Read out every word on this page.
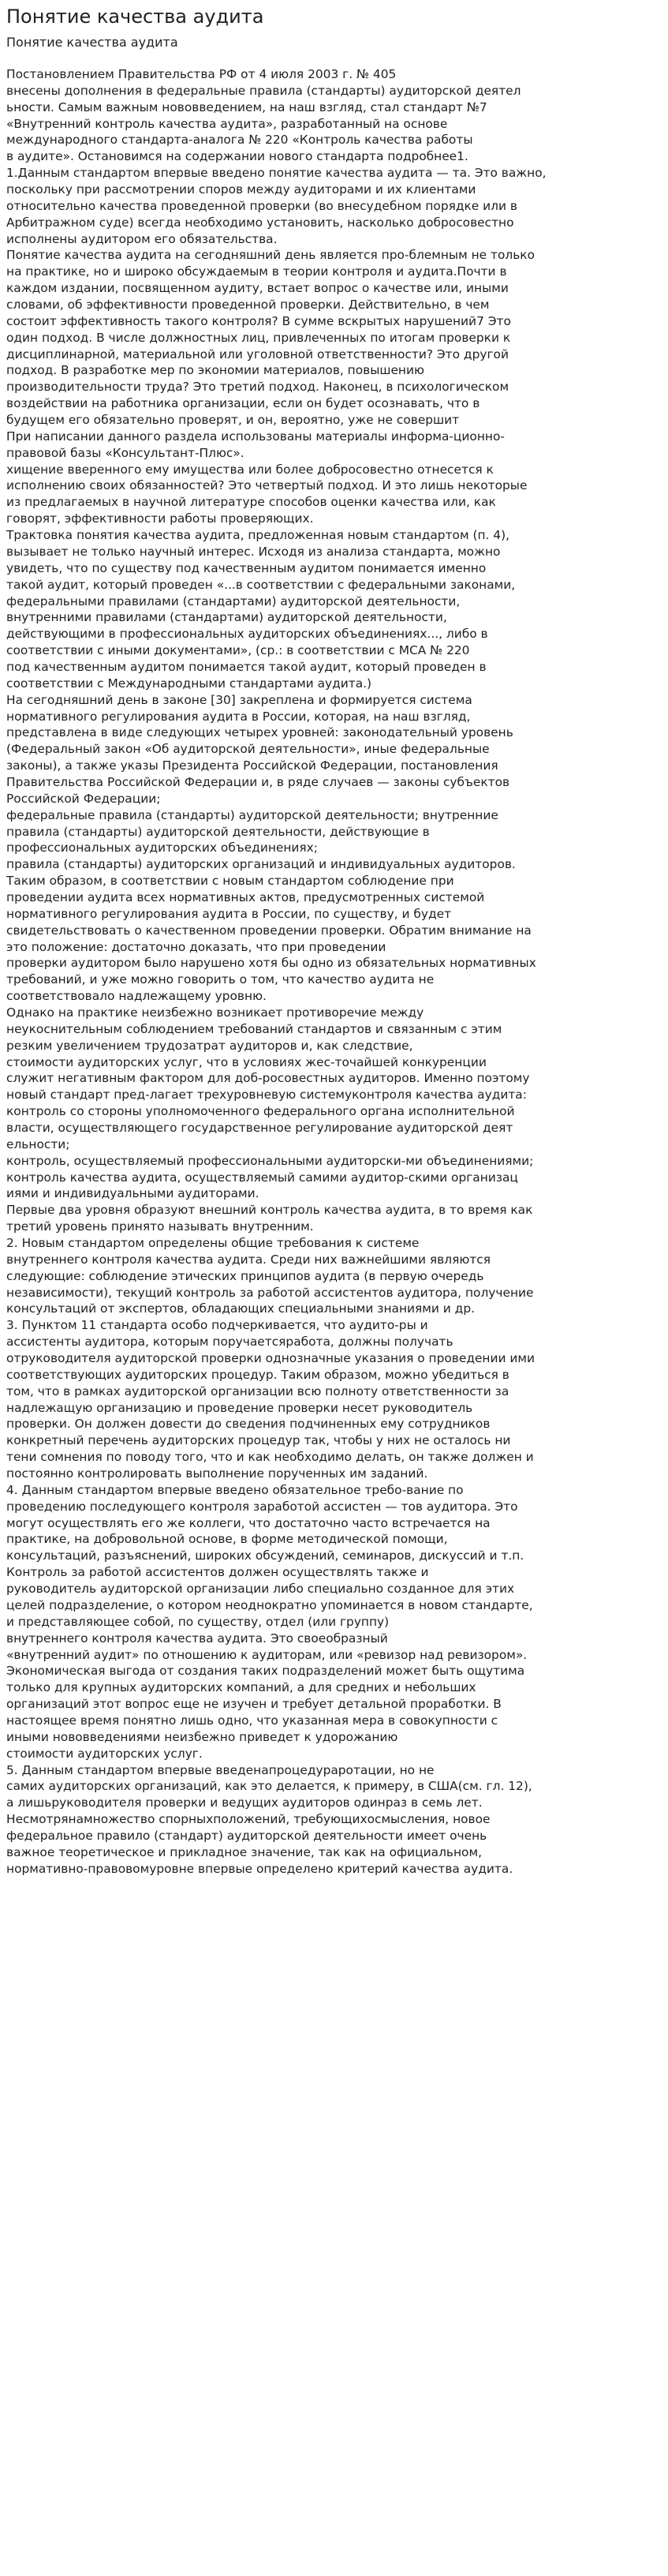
Понятие качества аудита
Понятие качества аудита
Постановлением Правительства РФ от 4 июля 2003 г. № 405
внесены дополнения в федеральные правила (стандарты) аудиторской деятел
ьности. Самым важным нововведением, на наш взгляд, стал стандарт №7
«Внутренний контроль качества аудита», разработанный на основе
международного стандарта-аналога № 220 «Контроль качества работы
в аудите». Остановимся на содержании нового стандарта подробнее1.
1.Данным стандартом впервые введено понятие качества аудита — та. Это важно,
поскольку при рассмотрении споров между аудиторами и их клиентами
относительно качества проведенной проверки (во внесудебном порядке или в
Арбитражном суде) всегда необходимо установить, насколько добросовестно
исполнены аудитором его обязательства.
Понятие качества аудита на сегодняшний день является про-блемным не только
на практике, но и широко обсуждаемым в теории контроля и аудита.Почти в
каждом издании, посвященном аудиту, встает вопрос о качестве или, иными
словами, об эффективности проведенной проверки. Действительно, в чем
состоит эффективность такого контроля? В сумме вскрытых нарушений7 Это
один подход. В числе должностных лиц, привлеченных по итогам проверки к
дисциплинарной, материальной или уголовной ответственности? Это другой
подход. В разработке мер по экономии материалов, повышению
производительности труда? Это третий подход. Наконец, в психологическом
воздействии на работника организации, если он будет осознавать, что в
будущем его обязательно проверят, и он, вероятно, уже не совершит
При написании данного раздела использованы материалы информа-ционно-
правовой базы «Консультант-Плюс».
хищение вверенного ему имущества или более добросовестно отнесется к
исполнению своих обязанностей? Это четвертый подход. И это лишь некоторые
из предлагаемых в научной литературе способов оценки качества или, как
говорят, эффективности работы проверяющих.
Трактовка понятия качества аудита, предложенная новым стандартом (п. 4),
вызывает не только научный интерес. Исходя из анализа стандарта, можно
увидеть, что по существу под качественным аудитом понимается именно
такой аудит, который проведен «...в соответствии с федеральными законами,
федеральными правилами (стандартами) аудиторской деятельности,
внутренними правилами (стандартами) аудиторской деятельности,
действующими в профессиональных аудиторских объединениях..., либо в
соответствии с иными документами», (ср.: в соответствии с МСА № 220
под качественным аудитом понимается такой аудит, который проведен в
соответствии с Международными стандартами аудита.)
На сегодняшний день в законе [30] закреплена и формируется система
нормативного регулирования аудита в России, которая, на наш взгляд,
представлена в виде следующих четырех уровней: законодательный уровень
(Федеральный закон «Об аудиторской деятельности», иные федеральные
законы), а также указы Президента Российской Федерации, постановления
Правительства Российской Федерации и, в ряде случаев — законы субъектов
Российской Федерации;
федеральные правила (стандарты) аудиторской деятельности; внутренние
правила (стандарты) аудиторской деятельности, действующие в
профессиональных аудиторских объединениях;
правила (стандарты) аудиторских организаций и индивидуальных аудиторов.
Таким образом, в соответствии с новым стандартом соблюдение при
проведении аудита всех нормативных актов, предусмотренных системой
нормативного регулирования аудита в России, по существу, и будет
свидетельствовать о качественном проведении проверки. Обратим внимание на
это положение: достаточно доказать, что при проведении
проверки аудитором было нарушено хотя бы одно из обязательных нормативных
требований, и уже можно говорить о том, что качество аудита не
соответствовало надлежащему уровню.
Однако на практике неизбежно возникает противоречие между
неукоснительным соблюдением требований стандартов и связанным с этим
резким увеличением трудозатрат аудиторов и, как следствие,
стоимости аудиторских услуг, что в условиях жес-точайшей конкуренции
служит негативным фактором для доб-росовестных аудиторов. Именно поэтому
новый стандарт пред-лагает трехуровневую системуконтроля качества аудита:
контроль со стороны уполномоченного федерального органа исполнительной
власти, осуществляющего государственное регулирование аудиторской деят
ельности;
контроль, осуществляемый профессиональными аудиторски-ми объединениями;
контроль качества аудита, осуществляемый самими аудитор-скими организац
иями и индивидуальными аудиторами.
Первые два уровня образуют внешний контроль качества аудита, в то время как
третий уровень принято называть внутренним.
2. Новым стандартом определены общие требования к системе
внутреннего контроля качества аудита. Среди них важнейшими являются
следующие: соблюдение этических принципов аудита (в первую очередь
независимости), текущий контроль за работой ассистентов аудитора, получение
консультаций от экспертов, обладающих специальными знаниями и др.
3. Пунктом 11 стандарта особо подчеркивается, что аудито-ры и
ассистенты аудитора, которым поручаетсяработа, должны получать
отруководителя аудиторской проверки однозначные указания о проведении ими
соответствующих аудиторских процедур. Таким образом, можно убедиться в
том, что в рамках аудиторской организации всю полноту ответственности за
надлежащую организацию и проведение проверки несет руководитель
проверки. Он должен довести до сведения подчиненных ему сотрудников
конкретный перечень аудиторских процедур так, чтобы у них не осталось ни
тени сомнения по поводу того, что и как необходимо делать, он также должен и
постоянно контролировать выполнение порученных им заданий.
4. Данным стандартом впервые введено обязательное требо-вание по
проведению последующего контроля заработой ассистен — тов аудитора. Это
могут осуществлять его же коллеги, что достаточно часто встречается на
практике, на добровольной основе, в форме методической помощи,
консультаций, разъяснений, широких обсуждений, семинаров, дискуссий и т.п.
Контроль за работой ассистентов должен осуществлять также и
руководитель аудиторской организации либо специально созданное для этих
целей подразделение, о котором неоднократно упоминается в новом стандарте,
и представляющее собой, по существу, отдел (или группу)
внутреннего контроля качества аудита. Это своеобразный
«внутренний аудит» по отношению к аудиторам, или «ревизор над ревизором».
Экономическая выгода от создания таких подразделений может быть ощутима
только для крупных аудиторских компаний, а для средних и небольших
организаций этот вопрос еще не изучен и требует детальной проработки. В
настоящее время понятно лишь одно, что указанная мера в совокупности с
иными нововведениями неизбежно приведет к удорожанию
стоимости аудиторских услуг.
5. Данным стандартом впервые введенапроцедураротации, но не
самих аудиторских организаций, как это делается, к примеру, в США(см. гл. 12),
а лишьруководителя проверки и ведущих аудиторов одинраз в семь лет.
Несмотрянамножество спорныхположений, требующихосмысления, новое
федеральное правило (стандарт) аудиторской деятельности имеет очень
важное теоретическое и прикладное значение, так как на официальном,
нормативно-правовомуровне впервые определено критерий качества аудита.
